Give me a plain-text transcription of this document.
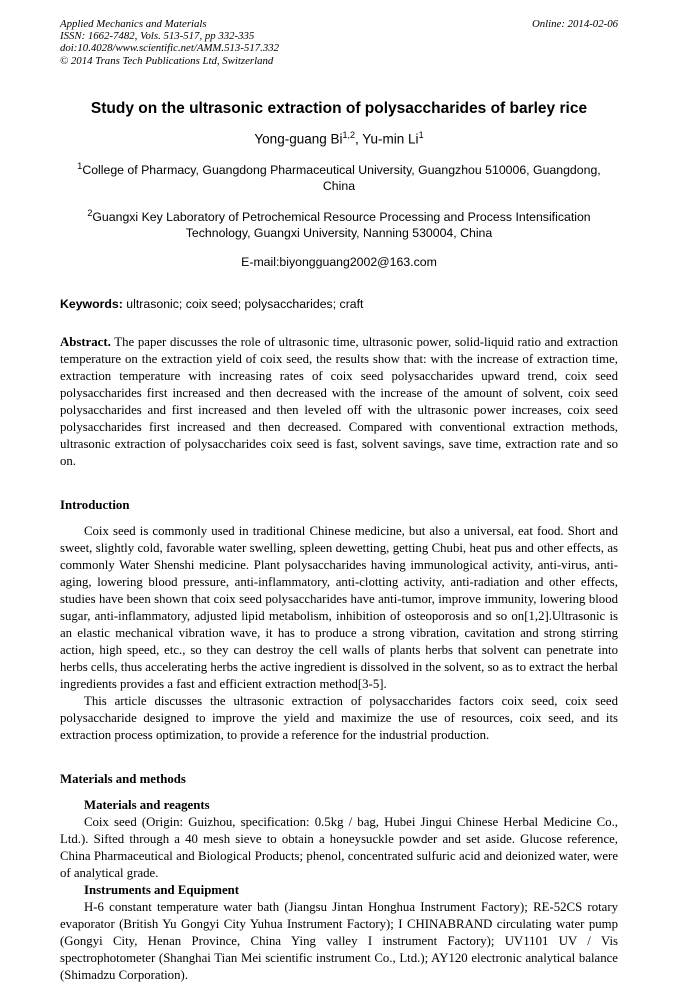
Applied Mechanics and Materials
ISSN: 1662-7482, Vols. 513-517, pp 332-335
doi:10.4028/www.scientific.net/AMM.513-517.332
© 2014 Trans Tech Publications Ltd, Switzerland
Online: 2014-02-06
Study on the ultrasonic extraction of polysaccharides of barley rice
Yong-guang Bi$^{1,2}$, Yu-min Li$^1$
$^1$College of Pharmacy, Guangdong Pharmaceutical University, Guangzhou 510006, Guangdong, China
$^2$Guangxi Key Laboratory of Petrochemical Resource Processing and Process Intensification Technology, Guangxi University, Nanning 530004, China
E-mail:biyongguang2002@163.com

Keywords: ultrasonic; coix seed; polysaccharides; craft

Abstract. The paper discusses the role of ultrasonic time, ultrasonic power, solid-liquid ratio and extraction temperature on the extraction yield of coix seed, the results show that: with the increase of extraction time, extraction temperature with increasing rates of coix seed polysaccharides upward trend, coix seed polysaccharides first increased and then decreased with the increase of the amount of solvent, coix seed polysaccharides and first increased and then leveled off with the ultrasonic power increases, coix seed polysaccharides first increased and then decreased. Compared with conventional extraction methods, ultrasonic extraction of polysaccharides coix seed is fast, solvent savings, save time, extraction rate and so on.

Introduction

Coix seed is commonly used in traditional Chinese medicine, but also a universal, eat food. Short and sweet, slightly cold, favorable water swelling, spleen dewetting, getting Chubi, heat pus and other effects, as commonly Water Shenshi medicine. Plant polysaccharides having immunological activity, anti-virus, anti-aging, lowering blood pressure, anti-inflammatory, anti-clotting activity, anti-radiation and other effects, studies have been shown that coix seed polysaccharides have anti-tumor, improve immunity, lowering blood sugar, anti-inflammatory, adjusted lipid metabolism, inhibition of osteoporosis and so on[1,2].Ultrasonic is an elastic mechanical vibration wave, it has to produce a strong vibration, cavitation and strong stirring action, high speed, etc., so they can destroy the cell walls of plants herbs that solvent can penetrate into herbs cells, thus accelerating herbs the active ingredient is dissolved in the solvent, so as to extract the herbal ingredients provides a fast and efficient extraction method[3-5].

This article discusses the ultrasonic extraction of polysaccharides factors coix seed, coix seed polysaccharide designed to improve the yield and maximize the use of resources, coix seed, and its extraction process optimization, to provide a reference for the industrial production.

Materials and methods
Materials and reagents

Coix seed (Origin: Guizhou, specification: 0.5kg / bag, Hubei Jingui Chinese Herbal Medicine Co., Ltd.). Sifted through a 40 mesh sieve to obtain a honeysuckle powder and set aside. Glucose reference, China Pharmaceutical and Biological Products; phenol, concentrated sulfuric acid and deionized water, were of analytical grade.

Instruments and Equipment

H-6 constant temperature water bath (Jiangsu Jintan Honghua Instrument Factory); RE-52CS rotary evaporator (British Yu Gongyi City Yuhua Instrument Factory); I CHINABRAND circulating water pump (Gongyi City, Henan Province, China Ying valley I instrument Factory); UV1101 UV / Vis spectrophotometer (Shanghai Tian Mei scientific instrument Co., Ltd.); AY120 electronic analytical balance (Shimadzu Corporation).
